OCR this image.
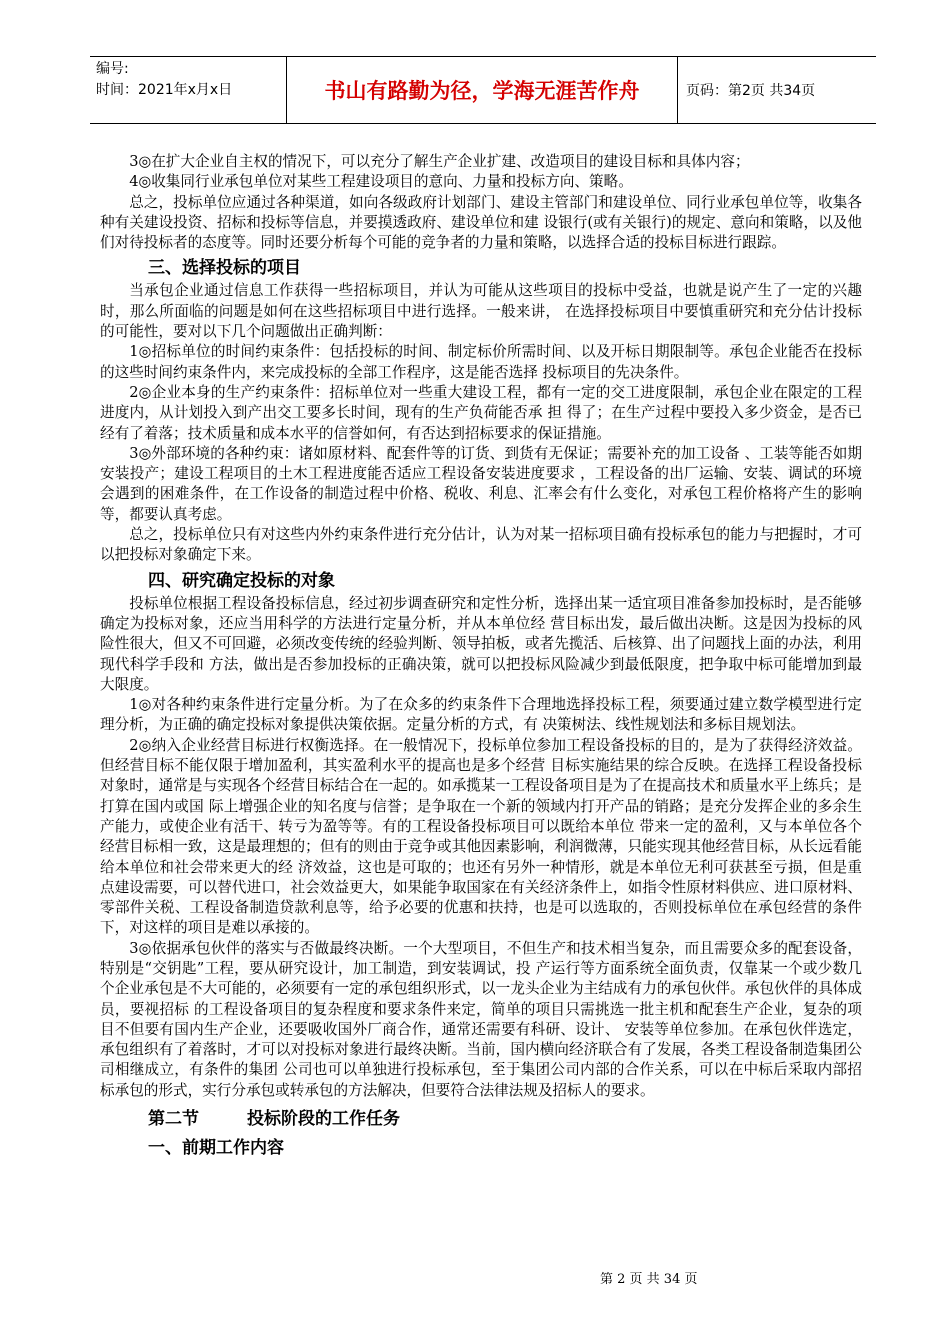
编号:
时间：2021年x月x日	书山有路勤为径，学海无涯苦作舟	页码：第2页 共34页

3◎在扩大企业自主权的情况下，可以充分了解生产企业扩建、改造项目的建设目标和具体内容；

4◎收集同行业承包单位对某些工程建设项目的意向、力量和投标方向、策略。

总之，投标单位应通过各种渠道，如向各级政府计划部门、建设主管部门和建设单位、同行业承包单位等，收集各种有关建设投资、招标和投标等信息，并要摸透政府、建设单位和建 设银行(或有关银行)的规定、意向和策略，以及他们对待投标者的态度等。同时还要分析每个可能的竞争者的力量和策略，以选择合适的投标目标进行跟踪。

三、选择投标的项目

当承包企业通过信息工作获得一些招标项目，并认为可能从这些项目的投标中受益，也就是说产生了一定的兴趣时，那么所面临的问题是如何在这些招标项目中进行选择。一般来讲， 在选择投标项目中要慎重研究和充分估计投标的可能性，要对以下几个问题做出正确判断：

1◎招标单位的时间约束条件：包括投标的时间、制定标价所需时间、以及开标日期限制等。承包企业能否在投标的这些时间约束条件内，来完成投标的全部工作程序，这是能否选择 投标项目的先决条件。

2◎企业本身的生产约束条件：招标单位对一些重大建设工程，都有一定的交工进度限制，承包企业在限定的工程进度内，从计划投入到产出交工要多长时间，现有的生产负荷能否承 担 得了；在生产过程中要投入多少资金，是否已经有了着落；技术质量和成本水平的信誉如何，有否达到招标要求的保证措施。

3◎外部环境的各种约束：诸如原材料、配套件等的订货、到货有无保证；需要补充的加工设备 、工装等能否如期安装投产；建设工程项目的土木工程进度能否适应工程设备安装进度要求 ，工程设备的出厂运输、安装、调试的环境会遇到的困难条件，在工作设备的制造过程中价格、税收、利息、汇率会有什么变化，对承包工程价格将产生的影响等，都要认真考虑。

总之，投标单位只有对这些内外约束条件进行充分估计，认为对某一招标项目确有投标承包的能力与把握时，才可以把投标对象确定下来。

四、研究确定投标的对象

投标单位根据工程设备投标信息，经过初步调查研究和定性分析，选择出某一适宜项目准备参加投标时，是否能够确定为投标对象，还应当用科学的方法进行定量分析，并从本单位经 营目标出发，最后做出决断。这是因为投标的风险性很大，但又不可回避，必须改变传统的经验判断、领导拍板，或者先揽活、后核算、出了问题找上面的办法，利用现代科学手段和 方法，做出是否参加投标的正确决策，就可以把投标风险减少到最低限度，把争取中标可能增加到最大限度。

1◎对各种约束条件进行定量分析。为了在众多的约束条件下合理地选择投标工程，须要通过建立数学模型进行定理分析，为正确的确定投标对象提供决策依据。定量分析的方式，有 决策树法、线性规划法和多标目规划法。

2◎纳入企业经营目标进行权衡选择。在一般情况下，投标单位参加工程设备投标的目的，是为了获得经济效益。但经营目标不能仅限于增加盈利，其实盈利水平的提高也是多个经营 目标实施结果的综合反映。在选择工程设备投标对象时，通常是与实现各个经营目标结合在一起的。如承揽某一工程设备项目是为了在提高技术和质量水平上练兵；是打算在国内或国 际上增强企业的知名度与信誉；是争取在一个新的领域内打开产品的销路；是充分发挥企业的多余生产能力，或使企业有活干、转亏为盈等等。有的工程设备投标项目可以既给本单位 带来一定的盈利，又与本单位各个经营目标相一致，这是最理想的；但有的则由于竞争或其他因素影响，利润微薄，只能实现其他经营目标，从长远看能给本单位和社会带来更大的经 济效益，这也是可取的；也还有另外一种情形，就是本单位无利可获甚至亏损，但是重点建设需要，可以替代进口，社会效益更大，如果能争取国家在有关经济条件上，如指令性原材料供应、进口原材料、零部件关税、工程设备制造贷款利息等，给予必要的优惠和扶持，也是可以选取的，否则投标单位在承包经营的条件下，对这样的项目是难以承接的。

3◎依据承包伙伴的落实与否做最终决断。一个大型项目，不但生产和技术相当复杂，而且需要众多的配套设备，特别是“交钥匙”工程，要从研究设计，加工制造，到安装调试，投 产运行等方面系统全面负责，仅靠某一个或少数几个企业承包是不大可能的，必须要有一定的承包组织形式，以一龙头企业为主结成有力的承包伙伴。承包伙伴的具体成员，要视招标 的工程设备项目的复杂程度和要求条件来定，简单的项目只需挑选一批主机和配套生产企业，复杂的项目不但要有国内生产企业，还要吸收国外厂商合作，通常还需要有科研、设计、 安装等单位参加。在承包伙伴选定，承包组织有了着落时，才可以对投标对象进行最终决断。当前，国内横向经济联合有了发展，各类工程设备制造集团公司相继成立，有条件的集团 公司也可以单独进行投标承包，至于集团公司内部的合作关系，可以在中标后采取内部招标承包的形式，实行分承包或转承包的方法解决，但要符合法律法规及招标人的要求。

第二节	投标阶段的工作任务
一、前期工作内容
第 2 页 共 34 页
